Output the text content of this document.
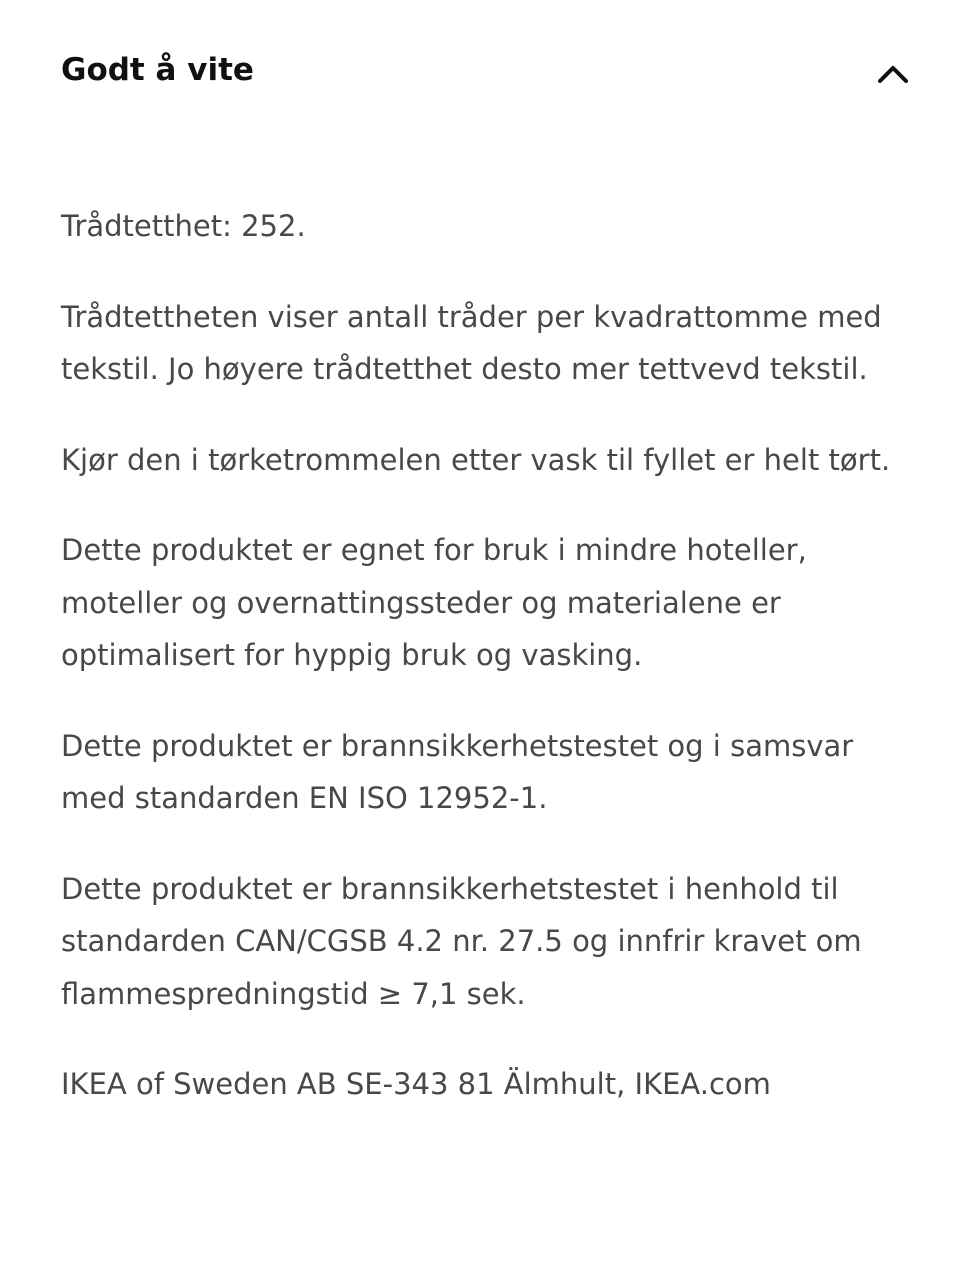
Godt å vite

Trådtetthet: 252.

Trådtettheten viser antall tråder per kvadrattomme med tekstil. Jo høyere trådtetthet desto mer tettvevd tekstil.

Kjør den i tørketrommelen etter vask til fyllet er helt tørt.

Dette produktet er egnet for bruk i mindre hoteller, moteller og overnattingssteder og materialene er optimalisert for hyppig bruk og vasking.

Dette produktet er brannsikkerhetstestet og i samsvar med standarden EN ISO 12952-1.

Dette produktet er brannsikkerhetstestet i henhold til standarden CAN/CGSB 4.2 nr. 27.5 og innfrir kravet om flammespredningstid ≥ 7,1 sek.

IKEA of Sweden AB SE-343 81 Älmhult, IKEA.com
